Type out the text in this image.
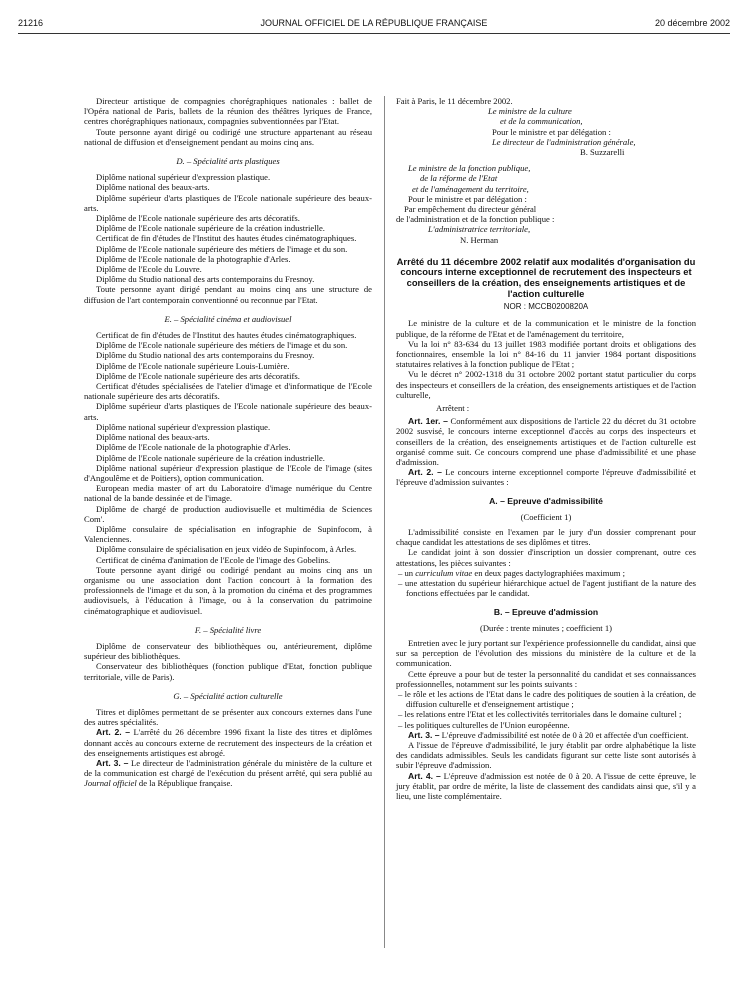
21216	JOURNAL OFFICIEL DE LA RÉPUBLIQUE FRANÇAISE	20 décembre 2002

Directeur artistique de compagnies chorégraphiques nationales : ballet de l'Opéra national de Paris, ballets de la réunion des théâtres lyriques de France, centres chorégraphiques nationaux, compagnies subventionnées par l'Etat.

Toute personne ayant dirigé ou codirigé une structure appartenant au réseau national de diffusion et d'enseignement pendant au moins cinq ans.

D. – Spécialité arts plastiques

Diplôme national supérieur d'expression plastique.

Diplôme national des beaux-arts.

Diplôme supérieur d'arts plastiques de l'Ecole nationale supérieure des beaux-arts.

Diplôme de l'Ecole nationale supérieure des arts décoratifs.

Diplôme de l'Ecole nationale supérieure de la création industrielle.

Certificat de fin d'études de l'Institut des hautes études cinématographiques.

Diplôme de l'Ecole nationale supérieure des métiers de l'image et du son.

Diplôme de l'Ecole nationale de la photographie d'Arles.

Diplôme de l'Ecole du Louvre.

Diplôme du Studio national des arts contemporains du Fresnoy.

Toute personne ayant dirigé pendant au moins cinq ans une structure de diffusion de l'art contemporain conventionné ou reconnue par l'Etat.

E. – Spécialité cinéma et audiovisuel

Certificat de fin d'études de l'Institut des hautes études cinématographiques.

Diplôme de l'Ecole nationale supérieure des métiers de l'image et du son.

Diplôme du Studio national des arts contemporains du Fresnoy.

Diplôme de l'Ecole nationale supérieure Louis-Lumière.

Diplôme de l'Ecole nationale supérieure des arts décoratifs.

Certificat d'études spécialisées de l'atelier d'image et d'informatique de l'Ecole nationale supérieure des arts décoratifs.

Diplôme supérieur d'arts plastiques de l'Ecole nationale supérieure des beaux-arts.

Diplôme national supérieur d'expression plastique.

Diplôme national des beaux-arts.

Diplôme de l'Ecole nationale de la photographie d'Arles.

Diplôme de l'Ecole nationale supérieure de la création industrielle.

Diplôme national supérieur d'expression plastique de l'Ecole de l'image (sites d'Angoulême et de Poitiers), option communication.

European media master of art du Laboratoire d'image numérique du Centre national de la bande dessinée et de l'image.

Diplôme de chargé de production audiovisuelle et multimédia de Sciences Com'.

Diplôme consulaire de spécialisation en infographie de Supinfocom, à Valenciennes.

Diplôme consulaire de spécialisation en jeux vidéo de Supinfocom, à Arles.

Certificat de cinéma d'animation de l'Ecole de l'image des Gobelins.

Toute personne ayant dirigé ou codirigé pendant au moins cinq ans un organisme ou une association dont l'action concourt à la formation des professionnels de l'image et du son, à la promotion du cinéma et des programmes audiovisuels, à l'éducation à l'image, ou à la conservation du patrimoine cinématographique et audiovisuel.

F. – Spécialité livre

Diplôme de conservateur des bibliothèques ou, antérieurement, diplôme supérieur des bibliothèques.

Conservateur des bibliothèques (fonction publique d'Etat, fonction publique territoriale, ville de Paris).

G. – Spécialité action culturelle

Titres et diplômes permettant de se présenter aux concours externes dans l'une des autres spécialités.

Art. 2. – L'arrêté du 26 décembre 1996 fixant la liste des titres et diplômes donnant accès au concours externe de recrutement des inspecteurs de la création et des enseignements artistiques est abrogé.

Art. 3. – Le directeur de l'administration générale du ministère de la culture et de la communication est chargé de l'exécution du présent arrêté, qui sera publié au Journal officiel de la République française.

Fait à Paris, le 11 décembre 2002.

Le ministre de la culture
et de la communication,
Pour le ministre et par délégation :
Le directeur de l'administration générale,
B. Suzzarelli
Le ministre de la fonction publique,
de la réforme de l'Etat
et de l'aménagement du territoire,
Pour le ministre et par délégation :
Par empêchement du directeur général
de l'administration et de la fonction publique :
L'administratrice territoriale,
N. Herman
Arrêté du 11 décembre 2002 relatif aux modalités d'organisation du concours interne exceptionnel de recrutement des inspecteurs et conseillers de la création, des enseignements artistiques et de l'action culturelle
NOR : MCCB0200820A

Le ministre de la culture et de la communication et le ministre de la fonction publique, de la réforme de l'Etat et de l'aménagement du territoire,

Vu la loi n° 83-634 du 13 juillet 1983 modifiée portant droits et obligations des fonctionnaires, ensemble la loi n° 84-16 du 11 janvier 1984 portant dispositions statutaires relatives à la fonction publique de l'Etat ;

Vu le décret n° 2002-1318 du 31 octobre 2002 portant statut particulier du corps des inspecteurs et conseillers de la création, des enseignements artistiques et de l'action culturelle,

Arrêtent :

Art. 1er. – Conformément aux dispositions de l'article 22 du décret du 31 octobre 2002 susvisé, le concours interne exceptionnel d'accès au corps des inspecteurs et conseillers de la création, des enseignements artistiques et de l'action culturelle est organisé comme suit. Ce concours comprend une phase d'admissibilité et une phase d'admission.

Art. 2. – Le concours interne exceptionnel comporte l'épreuve d'admissibilité et l'épreuve d'admission suivantes :

A. – Epreuve d'admissibilité
(Coefficient 1)

L'admissibilité consiste en l'examen par le jury d'un dossier comprenant pour chaque candidat les attestations de ses diplômes et titres.

Le candidat joint à son dossier d'inscription un dossier comprenant, outre ces attestations, les pièces suivantes :

– un curriculum vitae en deux pages dactylographiées maximum ;

– une attestation du supérieur hiérarchique actuel de l'agent justifiant de la nature des fonctions effectuées par le candidat.

B. – Epreuve d'admission
(Durée : trente minutes ; coefficient 1)

Entretien avec le jury portant sur l'expérience professionnelle du candidat, ainsi que sur sa perception de l'évolution des missions du ministère de la culture et de la communication.

Cette épreuve a pour but de tester la personnalité du candidat et ses connaissances professionnelles, notamment sur les points suivants :

– le rôle et les actions de l'Etat dans le cadre des politiques de soutien à la création, de diffusion culturelle et d'enseignement artistique ;

– les relations entre l'Etat et les collectivités territoriales dans le domaine culturel ;

– les politiques culturelles de l'Union européenne.

Art. 3. – L'épreuve d'admissibilité est notée de 0 à 20 et affectée d'un coefficient.

A l'issue de l'épreuve d'admissibilité, le jury établit par ordre alphabétique la liste des candidats admissibles. Seuls les candidats figurant sur cette liste sont autorisés à subir l'épreuve d'admission.

Art. 4. – L'épreuve d'admission est notée de 0 à 20. A l'issue de cette épreuve, le jury établit, par ordre de mérite, la liste de classement des candidats ainsi que, s'il y a lieu, une liste complémentaire.
